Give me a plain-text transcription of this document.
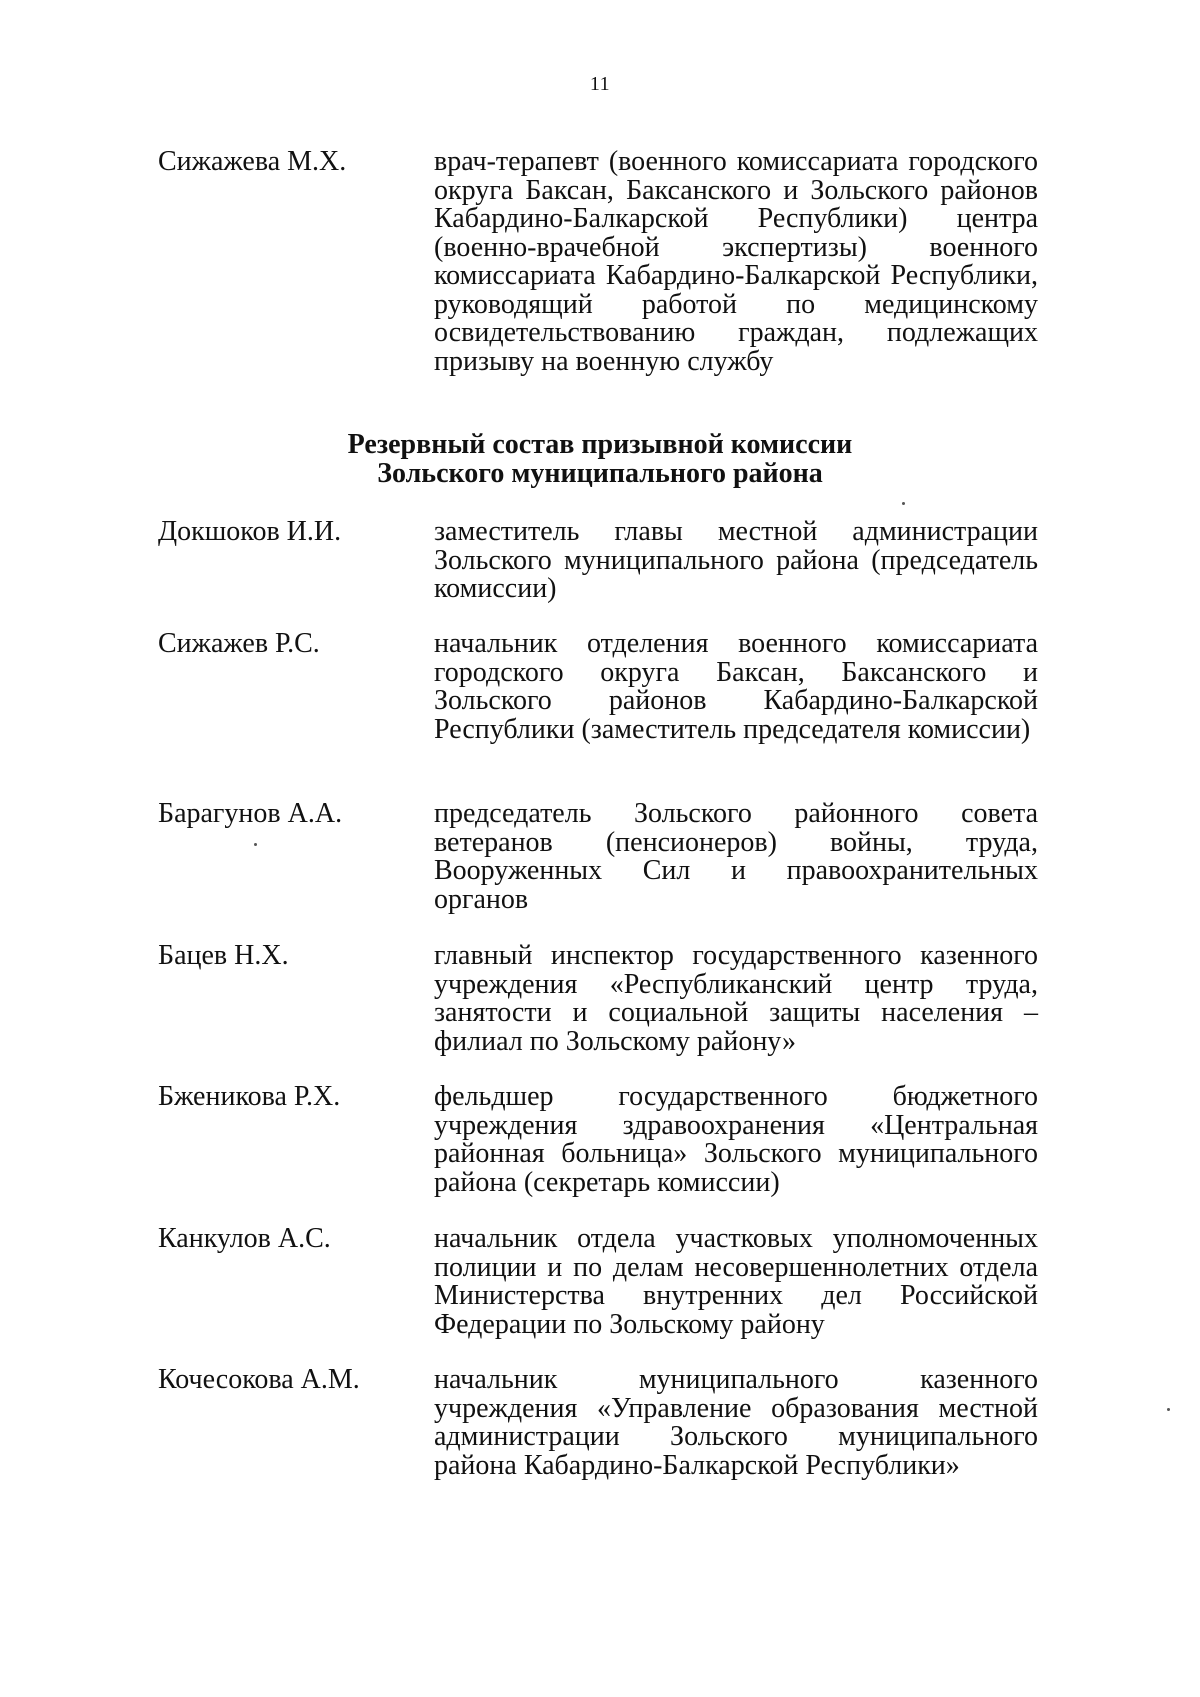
11
Сижажева М.Х.	врач-терапевт (военного комиссариата городского округа Баксан, Баксанского и Зольского районов Кабардино-Балкарской Республики) центра (военно-врачебной экспертизы) военного комиссариата Кабардино-Балкарской Республики, руководящий работой по медицинскому освидетельствованию граждан, подлежащих призыву на военную службу
Резервный состав призывной комиссии
Зольского муниципального района
Докшоков И.И.	заместитель главы местной администрации Зольского муниципального района (председатель комиссии)
Сижажев Р.С.	начальник отделения военного комиссариата городского округа Баксан, Баксанского и Зольского районов Кабардино-Балкарской Республики (заместитель председателя комиссии)
Барагунов А.А.	председатель Зольского районного совета ветеранов (пенсионеров) войны, труда, Вооруженных Сил и правоохранительных органов
Бацев Н.Х.	главный инспектор государственного казенного учреждения «Республиканский центр труда, занятости и социальной защиты населения – филиал по Зольскому району»
Бженикова Р.Х.	фельдшер государственного бюджетного учреждения здравоохранения «Центральная районная больница» Зольского муниципального района (секретарь комиссии)
Канкулов А.С.	начальник отдела участковых уполномоченных полиции и по делам несовершеннолетних отдела Министерства внутренних дел Российской Федерации по Зольскому району
Кочесокова А.М.	начальник муниципального казенного учреждения «Управление образования местной администрации Зольского муниципального района Кабардино-Балкарской Республики»
